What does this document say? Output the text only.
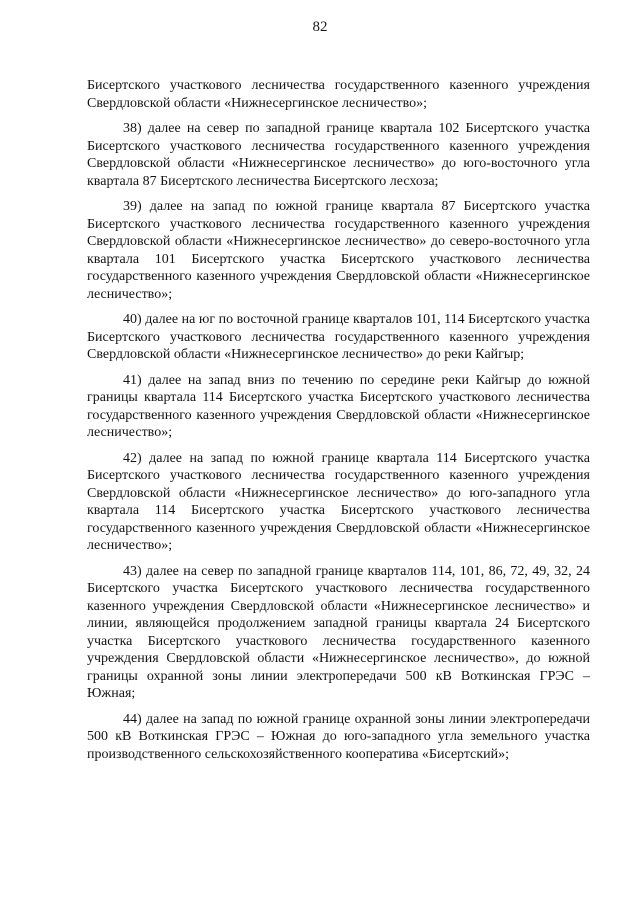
82

Бисертского участкового лесничества государственного казенного учреждения Свердловской области «Нижнесергинское лесничество»;

38) далее на север по западной границе квартала 102 Бисертского участка Бисертского участкового лесничества государственного казенного учреждения Свердловской области «Нижнесергинское лесничество» до юго-восточного угла квартала 87 Бисертского лесничества Бисертского лесхоза;

39) далее на запад по южной границе квартала 87 Бисертского участка Бисертского участкового лесничества государственного казенного учреждения Свердловской области «Нижнесергинское лесничество» до северо-восточного угла квартала 101 Бисертского участка Бисертского участкового лесничества государственного казенного учреждения Свердловской области «Нижнесергинское лесничество»;

40) далее на юг по восточной границе кварталов 101, 114 Бисертского участка Бисертского участкового лесничества государственного казенного учреждения Свердловской области «Нижнесергинское лесничество» до реки Кайгыр;

41) далее на запад вниз по течению по середине реки Кайгыр до южной границы квартала 114 Бисертского участка Бисертского участкового лесничества государственного казенного учреждения Свердловской области «Нижнесергинское лесничество»;

42) далее на запад по южной границе квартала 114 Бисертского участка Бисертского участкового лесничества государственного казенного учреждения Свердловской области «Нижнесергинское лесничество» до юго-западного угла квартала 114 Бисертского участка Бисертского участкового лесничества государственного казенного учреждения Свердловской области «Нижнесергинское лесничество»;

43) далее на север по западной границе кварталов 114, 101, 86, 72, 49, 32, 24 Бисертского участка Бисертского участкового лесничества государственного казенного учреждения Свердловской области «Нижнесергинское лесничество» и линии, являющейся продолжением западной границы квартала 24 Бисертского участка Бисертского участкового лесничества государственного казенного учреждения Свердловской области «Нижнесергинское лесничество», до южной границы охранной зоны линии электропередачи 500 кВ Воткинская ГРЭС – Южная;

44) далее на запад по южной границе охранной зоны линии электропередачи 500 кВ Воткинская ГРЭС – Южная до юго-западного угла земельного участка производственного сельскохозяйственного кооператива «Бисертский»;
